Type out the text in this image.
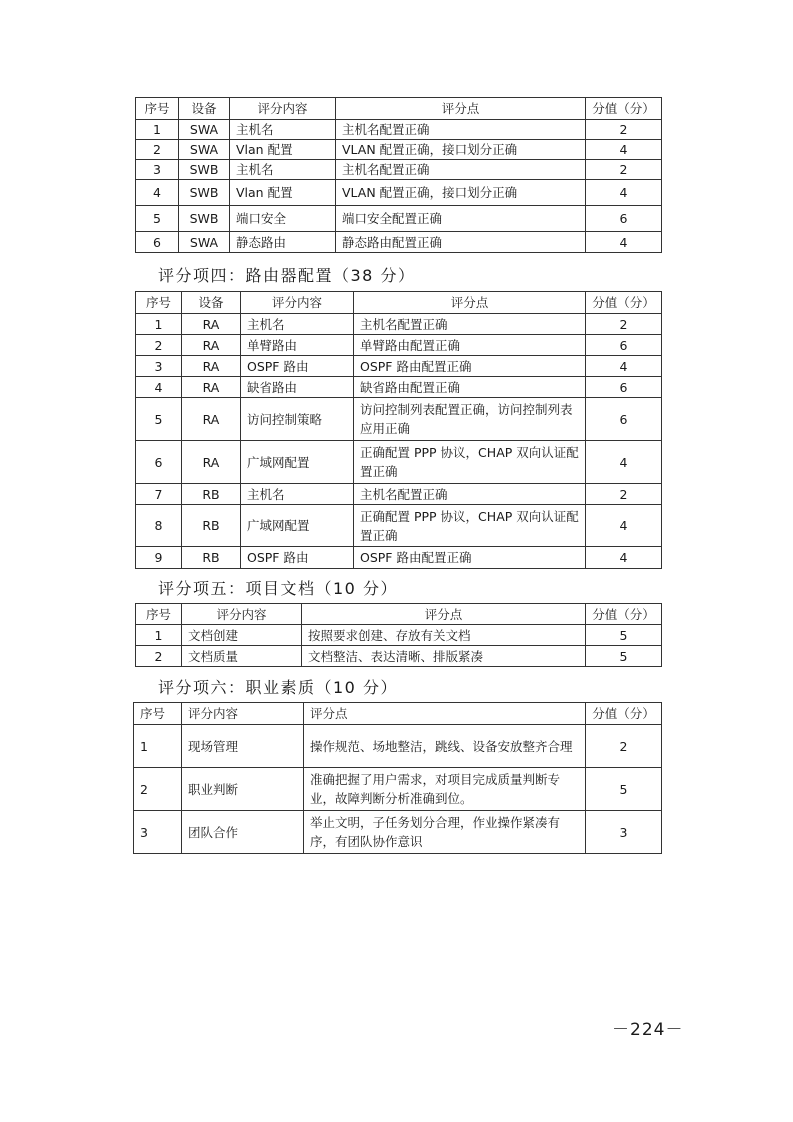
序号	设备	评分内容	评分点	分值（分）
1	SWA	主机名	主机名配置正确	2
2	SWA	Vlan 配置	VLAN 配置正确，接口划分正确	4
3	SWB	主机名	主机名配置正确	2
4	SWB	Vlan 配置	VLAN 配置正确，接口划分正确	4
5	SWB	端口安全	端口安全配置正确	6
6	SWA	静态路由	静态路由配置正确	4
评分项四：路由器配置（38 分）
序号	设备	评分内容	评分点	分值（分）
1	RA	主机名	主机名配置正确	2
2	RA	单臂路由	单臂路由配置正确	6
3	RA	OSPF 路由	OSPF 路由配置正确	4
4	RA	缺省路由	缺省路由配置正确	6
5	RA	访问控制策略	访问控制列表配置正确，访问控制列表应用正确	6
6	RA	广域网配置	正确配置 PPP 协议，CHAP 双向认证配置正确	4
7	RB	主机名	主机名配置正确	2
8	RB	广域网配置	正确配置 PPP 协议，CHAP 双向认证配置正确	4
9	RB	OSPF 路由	OSPF 路由配置正确	4
评分项五：项目文档（10 分）
序号	评分内容	评分点	分值（分）
1	文档创建	按照要求创建、存放有关文档	5
2	文档质量	文档整洁、表达清晰、排版紧凑	5
评分项六：职业素质（10 分）
序号	评分内容	评分点	分值（分）
1	现场管理	操作规范、场地整洁，跳线、设备安放整齐合理	2
2	职业判断	准确把握了用户需求，对项目完成质量判断专业，故障判断分析准确到位。	5
3	团队合作	举止文明，子任务划分合理，作业操作紧凑有序，有团队协作意识	3
－224－
